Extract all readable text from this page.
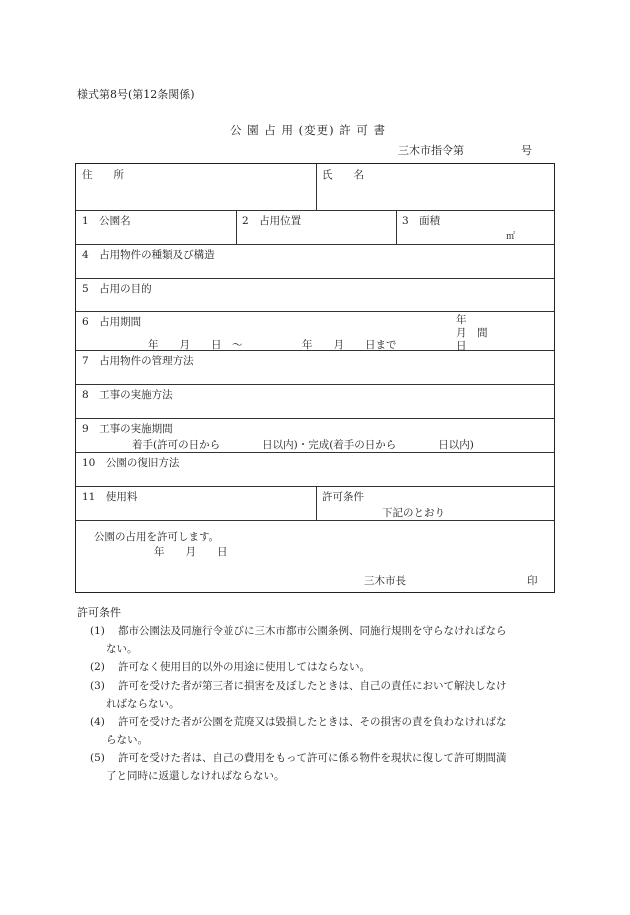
様式第8号(第12条関係)
公 園 占 用 (変更) 許 可 書
三木市指令第	号
住　　所	氏　　名
1　公園名	2　占用位置	3　面積
㎡
4　占用物件の種類及び構造
5　占用の目的
6　占用期間
年　　月　　日　～	年　　月　　日まで
年
月　間
日
7　占用物件の管理方法
8　工事の実施方法
9　工事の実施期間
着手(許可の日から　　　　日以内)・完成(着手の日から　　　　日以内)
10　公園の復旧方法
11　使用料	許可条件
下記のとおり
公園の占用を許可します。
年　　月　　日
三木市長	印
許可条件
(1) 都市公園法及同施行令並びに三木市都市公園条例、同施行規則を守らなければなら
ない。
(2) 許可なく使用目的以外の用途に使用してはならない。
(3) 許可を受けた者が第三者に損害を及ぼしたときは、自己の責任において解決しなけ
ればならない。
(4) 許可を受けた者が公園を荒廃又は毀損したときは、その損害の責を負わなければな
らない。
(5) 許可を受けた者は、自己の費用をもって許可に係る物件を現状に復して許可期間満
了と同時に返還しなければならない。
